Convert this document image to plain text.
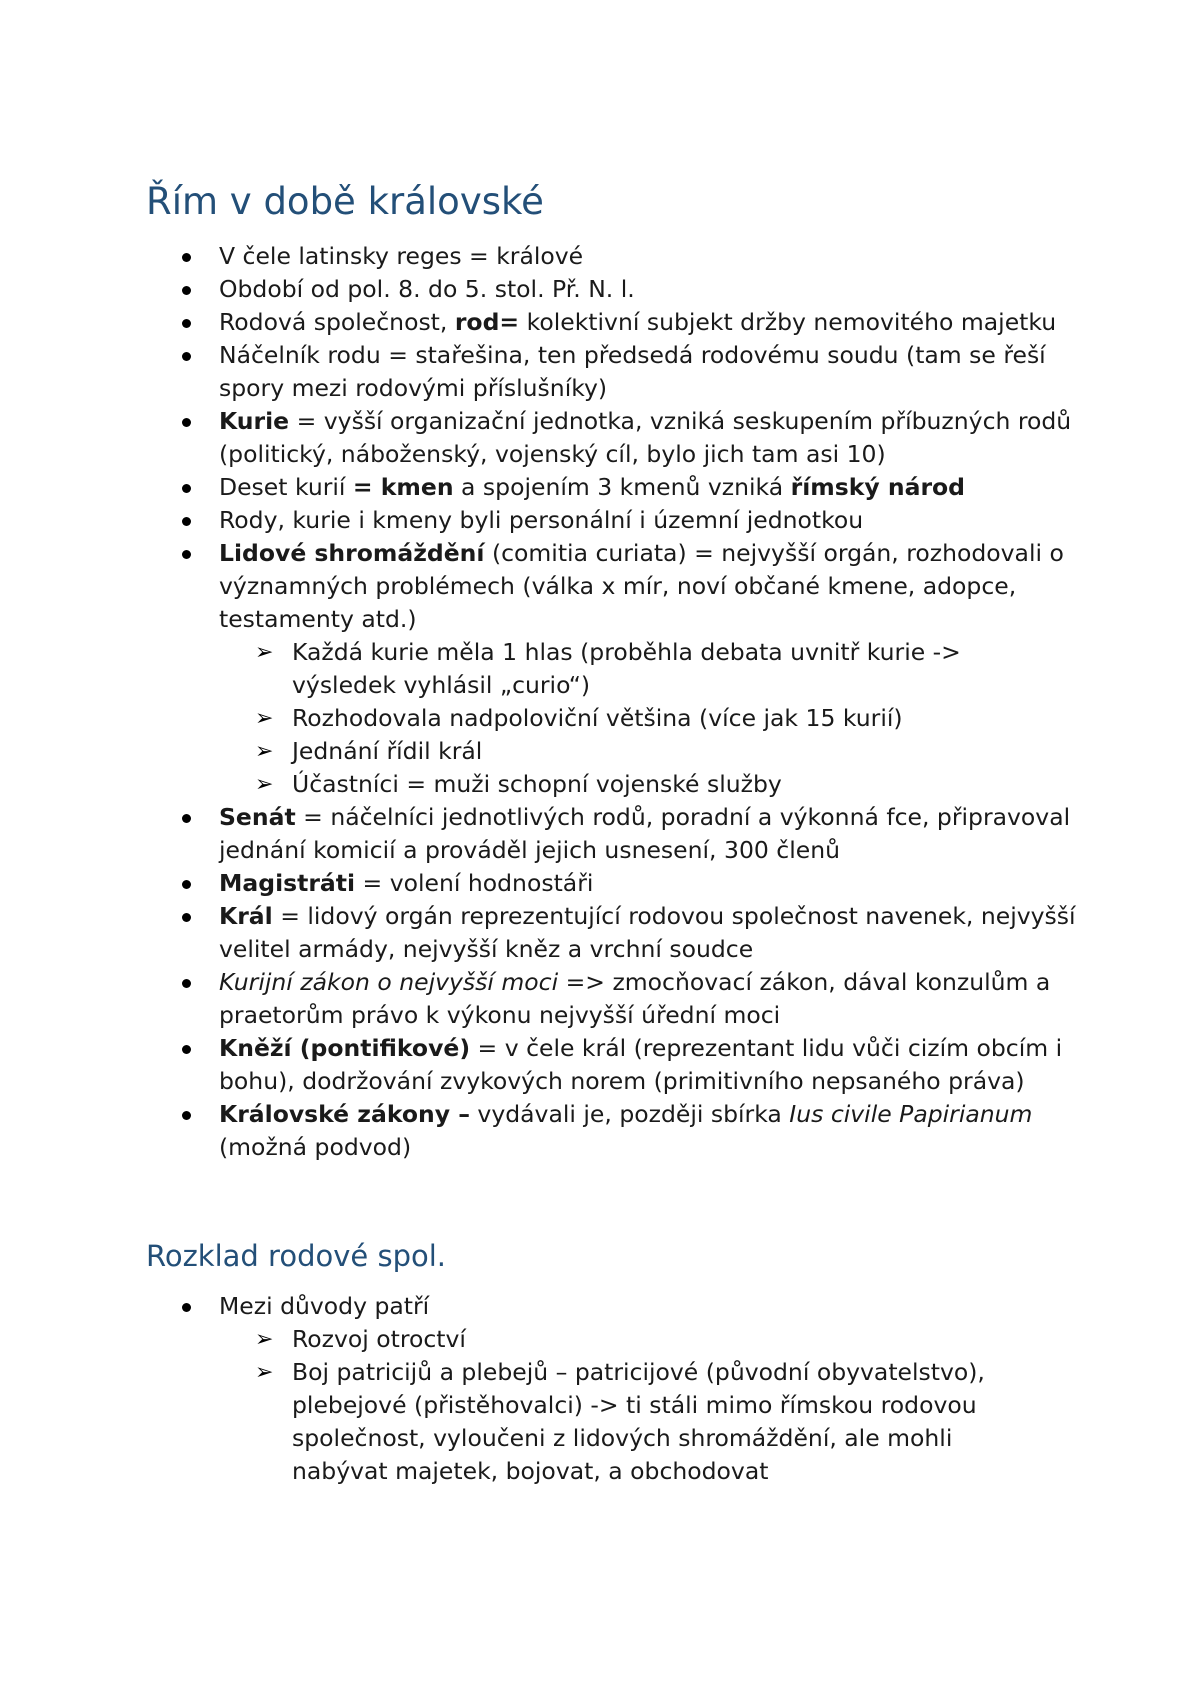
Řím v době královské
V čele latinsky reges = králové
Období od pol. 8. do 5. stol. Př. N. l.
Rodová společnost, rod= kolektivní subjekt držby nemovitého majetku
Náčelník rodu = stařešina, ten předsedá rodovému soudu (tam se řeší spory mezi rodovými příslušníky)
Kurie = vyšší organizační jednotka, vzniká seskupením příbuzných rodů (politický, náboženský, vojenský cíl, bylo jich tam asi 10)
Deset kurií = kmen a spojením 3 kmenů vzniká římský národ
Rody, kurie i kmeny byli personální i územní jednotkou
Lidové shromáždění (comitia curiata) = nejvyšší orgán, rozhodovali o významných problémech (válka x mír, noví občané kmene, adopce, testamenty atd.)
➢ Každá kurie měla 1 hlas (proběhla debata uvnitř kurie -> výsledek vyhlásil „curio“)
➢ Rozhodovala nadpoloviční většina (více jak 15 kurií)
➢ Jednání řídil král
➢ Účastníci = muži schopní vojenské služby
Senát = náčelníci jednotlivých rodů, poradní a výkonná fce, připravoval jednání komicií a prováděl jejich usnesení, 300 členů
Magistráti = volení hodnostáři
Král = lidový orgán reprezentující rodovou společnost navenek, nejvyšší velitel armády, nejvyšší kněz a vrchní soudce
Kurijní zákon o nejvyšší moci => zmocňovací zákon, dával konzulům a praetorům právo k výkonu nejvyšší úřední moci
Kněží (pontifikové) = v čele král (reprezentant lidu vůči cizím obcím i bohu), dodržování zvykových norem (primitivního nepsaného práva)
Královské zákony – vydávali je, později sbírka Ius civile Papirianum (možná podvod)
Rozklad rodové spol.
Mezi důvody patří
➢ Rozvoj otroctví
➢ Boj patricijů a plebejů – patricijové (původní obyvatelstvo), plebejové (přistěhovalci) -> ti stáli mimo římskou rodovou společnost, vyloučeni z lidových shromáždění, ale mohli nabývat majetek, bojovat, a obchodovat
